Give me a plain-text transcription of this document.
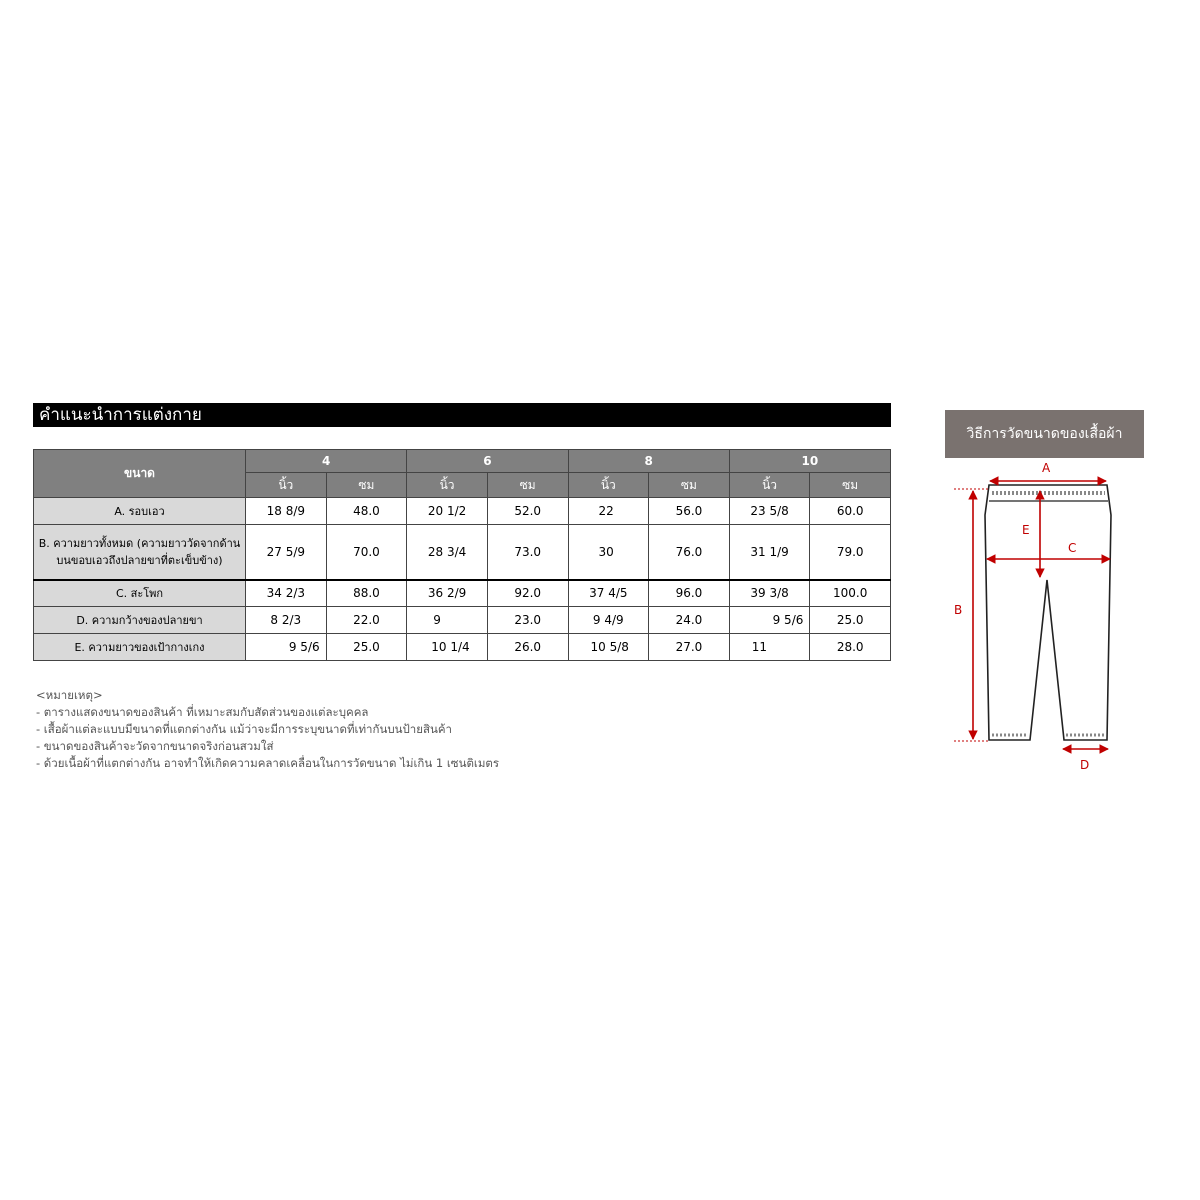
คำแนะนำการแต่งกาย
ขนาด	4		6		8		10	
	นิ้ว	ซม	นิ้ว	ซม	นิ้ว	ซม	นิ้ว	ซม
A. รอบเอว	18 8/9	48.0	20 1/2	52.0	22	56.0	23 5/8	60.0
B. ความยาวทั้งหมด (ความยาววัดจากด้านบนขอบเอวถึงปลายขาที่ตะเข็บข้าง)	27 5/9	70.0	28 3/4	73.0	30	76.0	31 1/9	79.0
C. สะโพก	34 2/3	88.0	36 2/9	92.0	37 4/5	96.0	39 3/8	100.0
D. ความกว้างของปลายขา	8 2/3	22.0	9	23.0	9 4/9	24.0	9 5/6	25.0
E. ความยาวของเป้ากางเกง	9 5/6	25.0	10 1/4	26.0	10 5/8	27.0	11	28.0
<หมายเหตุ>
- ตารางแสดงขนาดของสินค้า ที่เหมาะสมกับสัดส่วนของแต่ละบุคคล
- เสื้อผ้าแต่ละแบบมีขนาดที่แตกต่างกัน แม้ว่าจะมีการระบุขนาดที่เท่ากันบนป้ายสินค้า
- ขนาดของสินค้าจะวัดจากขนาดจริงก่อนสวมใส่
- ด้วยเนื้อผ้าที่แตกต่างกัน อาจทำให้เกิดความคลาดเคลื่อนในการวัดขนาด ไม่เกิน 1 เซนติเมตร
วิธีการวัดขนาดของเสื้อผ้า
A
B
C
E
D
